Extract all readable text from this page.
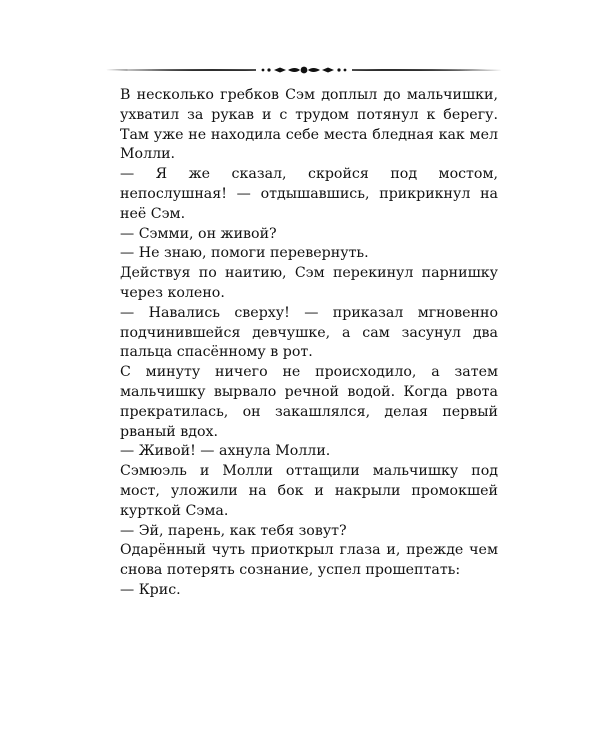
В несколько гребков Сэм доплыл до мальчишки, ухватил за рукав и с трудом потянул к берегу. Там уже не находила себе места бледная как мел Молли.

— Я же сказал, скройся под мостом, непослушная! — отдышавшись, прикрикнул на неё Сэм.

— Сэмми, он живой?

— Не знаю, помоги перевернуть.

Действуя по наитию, Сэм перекинул парнишку через колено.

— Навались сверху! — приказал мгновенно подчинившейся девчушке, а сам засунул два пальца спасённому в рот.

С минуту ничего не происходило, а затем мальчишку вырвало речной водой. Когда рвота прекратилась, он закашлялся, делая первый рваный вдох.

— Живой! — ахнула Молли.

Сэмюэль и Молли оттащили мальчишку под мост, уложили на бок и накрыли промокшей курткой Сэма.

— Эй, парень, как тебя зовут?

Одарённый чуть приоткрыл глаза и, прежде чем снова потерять сознание, успел прошептать:

— Крис.
